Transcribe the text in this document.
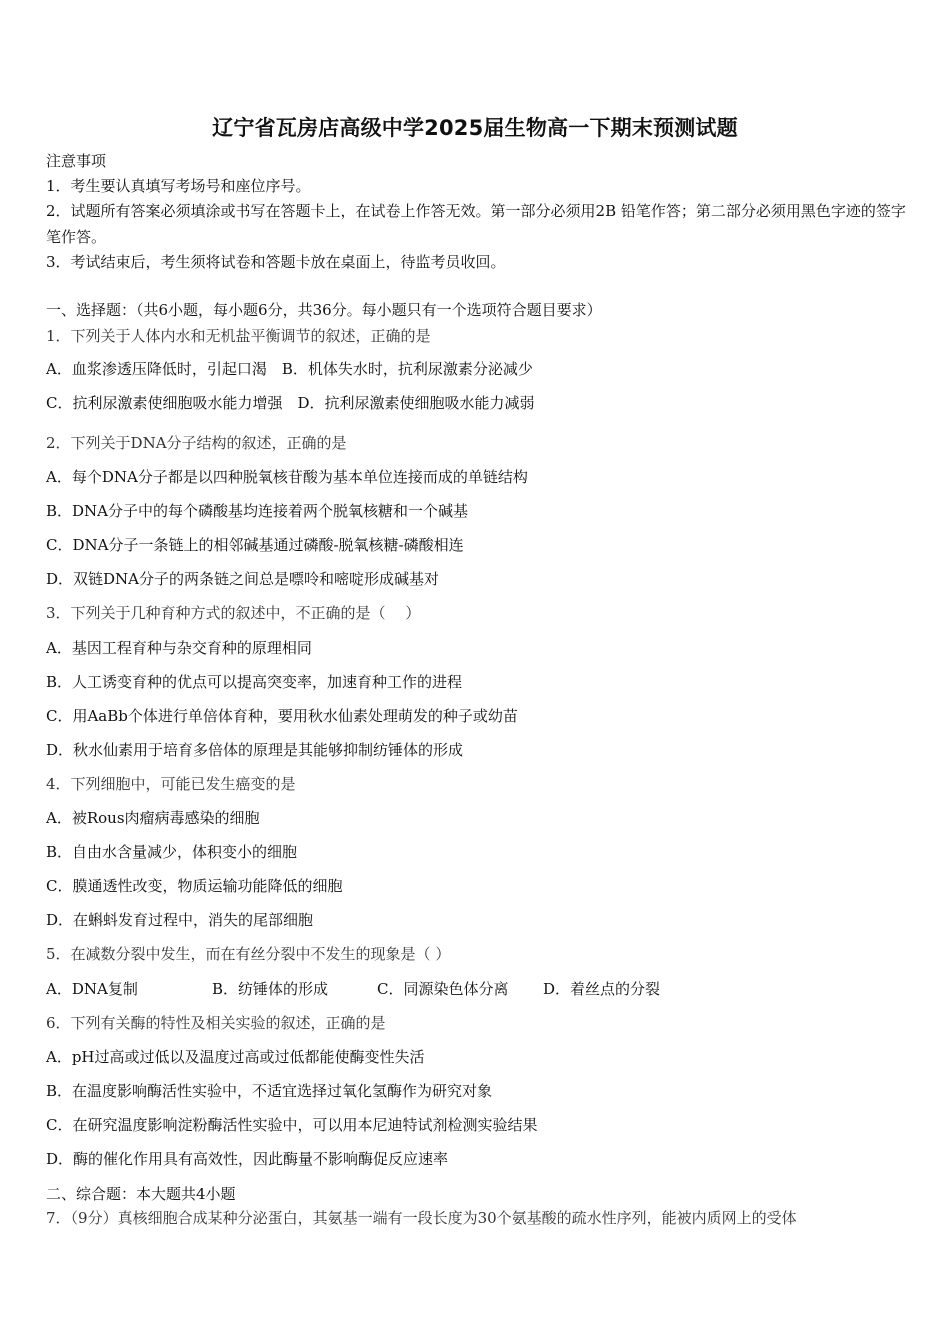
辽宁省瓦房店高级中学2025届生物高一下期末预测试题
注意事项
1．考生要认真填写考场号和座位序号。
2．试题所有答案必须填涂或书写在答题卡上，在试卷上作答无效。第一部分必须用2B 铅笔作答；第二部分必须用黑色字迹的签字笔作答。
3．考试结束后，考生须将试卷和答题卡放在桌面上，待监考员收回。
一、选择题：（共6小题，每小题6分，共36分。每小题只有一个选项符合题目要求）
1．下列关于人体内水和无机盐平衡调节的叙述，正确的是
A．血浆渗透压降低时，引起口渴　B．机体失水时，抗利尿激素分泌减少
C．抗利尿激素使细胞吸水能力增强　D．抗利尿激素使细胞吸水能力减弱
2．下列关于DNA分子结构的叙述，正确的是
A．每个DNA分子都是以四种脱氧核苷酸为基本单位连接而成的单链结构
B．DNA分子中的每个磷酸基均连接着两个脱氧核糖和一个碱基
C．DNA分子一条链上的相邻碱基通过磷酸-脱氧核糖-磷酸相连
D．双链DNA分子的两条链之间总是嘌呤和嘧啶形成碱基对
3．下列关于几种育种方式的叙述中，不正确的是（　 ）
A．基因工程育种与杂交育种的原理相同
B．人工诱变育种的优点可以提高突变率，加速育种工作的进程
C．用AaBb个体进行单倍体育种，要用秋水仙素处理萌发的种子或幼苗
D．秋水仙素用于培育多倍体的原理是其能够抑制纺锤体的形成
4．下列细胞中，可能已发生癌变的是
A．被Rous肉瘤病毒感染的细胞
B．自由水含量减少，体积变小的细胞
C．膜通透性改变，物质运输功能降低的细胞
D．在蝌蚪发育过程中，消失的尾部细胞
5．在减数分裂中发生，而在有丝分裂中不发生的现象是（ ）
A．DNA复制	B．纺锤体的形成	C．同源染色体分离 D．着丝点的分裂
6．下列有关酶的特性及相关实验的叙述，正确的是
A．pH过高或过低以及温度过高或过低都能使酶变性失活
B．在温度影响酶活性实验中，不适宜选择过氧化氢酶作为研究对象
C．在研究温度影响淀粉酶活性实验中，可以用本尼迪特试剂检测实验结果
D．酶的催化作用具有高效性，因此酶量不影响酶促反应速率
二、综合题：本大题共4小题
7．（9分）真核细胞合成某种分泌蛋白，其氨基一端有一段长度为30个氨基酸的疏水性序列，能被内质网上的受体
